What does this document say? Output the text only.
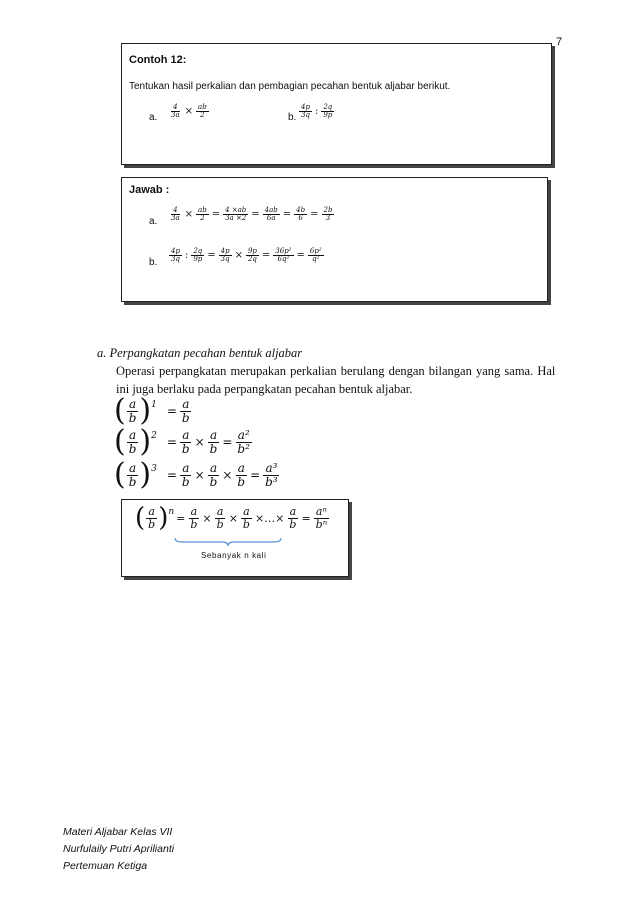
7
Contoh 12:
Tentukan hasil perkalian dan pembagian pecahan bentuk aljabar berikut.
a. $\frac{4}{3a} \times \frac{ab}{2}$	b. $\frac{4p}{3q}$ : $\frac{2q}{9p}$
Jawab :
a. $\frac{4}{3a} \times \frac{ab}{2} = \frac{4 \times ab}{3a \times 2} = \frac{4ab}{6a} = \frac{4b}{6} = \frac{2b}{3}$
b. $\frac{4p}{3q}$ : $\frac{2q}{9p} = \frac{4p}{3q} \times \frac{9p}{2q} = \frac{\text{36p²}}{\text{6q²}} = \frac{\text{6p²}}{\text{q²}}$
a. Perpangkatan pecahan bentuk aljabar
Operasi perpangkatan merupakan perkalian berulang dengan bilangan yang sama. Hal
ini juga berlaku pada perpangkatan pecahan bentuk aljabar.
( $\frac{a}{b}$ ) $1 = \frac{a}{b}$
( $\frac{a}{b}$ ) $2 = \frac{a}{b} \times \frac{a}{b} = \frac{\text{a²}}{\text{b²}}$
( $\frac{a}{b}$ ) $3 = \frac{a}{b} \times \frac{a}{b} \times \frac{a}{b} = \frac{\text{a³}}{\text{b³}}$
( $\frac{a}{b}$ ) $n = \frac{a}{b} \times \frac{a}{b} \times \frac{a}{b}$ ×…× $\frac{a}{b} = \frac{\text{aⁿ}}{\text{bⁿ}}$
Sebanyak n kali
Materi Aljabar Kelas VII
Nurfulaily Putri Aprilianti
Pertemuan Ketiga
